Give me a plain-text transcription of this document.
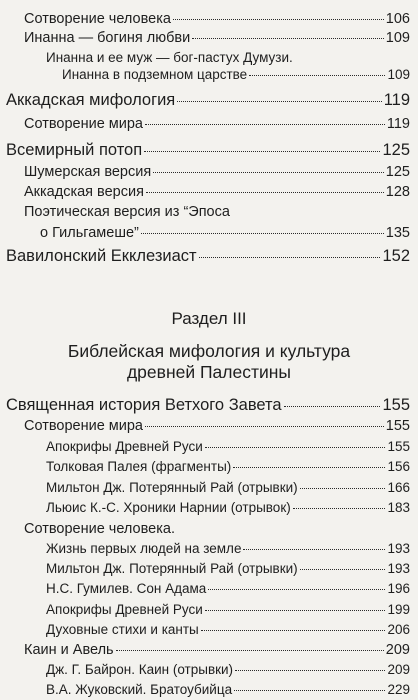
Сотворение человека	106
Инанна — богиня любви	109
Инанна и ее муж — бог-пастух Думузи.
Инанна в подземном царстве	109
Аккадская мифология	119
Сотворение мира	119
Всемирный потоп	125
Шумерская версия	125
Аккадская версия	128
Поэтическая версия из “Эпоса
о Гильгамеше”	135
Вавилонский Екклезиаст	152
Раздел III
Библейская мифология и культура
древней Палестины
Священная история Ветхого Завета	155
Сотворение мира	155
Апокрифы Древней Руси	155
Толковая Палея (фрагменты)	156
Мильтон Дж. Потерянный Рай (отрывки)	166
Льюис К.-С. Хроники Нарнии (отрывок)	183
Сотворение человека.
Жизнь первых людей на земле	193
Мильтон Дж. Потерянный Рай (отрывки)	193
Н.С. Гумилев. Сон Адама	196
Апокрифы Древней Руси	199
Духовные стихи и канты	206
Каин и Авель	209
Дж. Г. Байрон. Каин (отрывки)	209
В.А. Жуковский. Братоубийца	229
